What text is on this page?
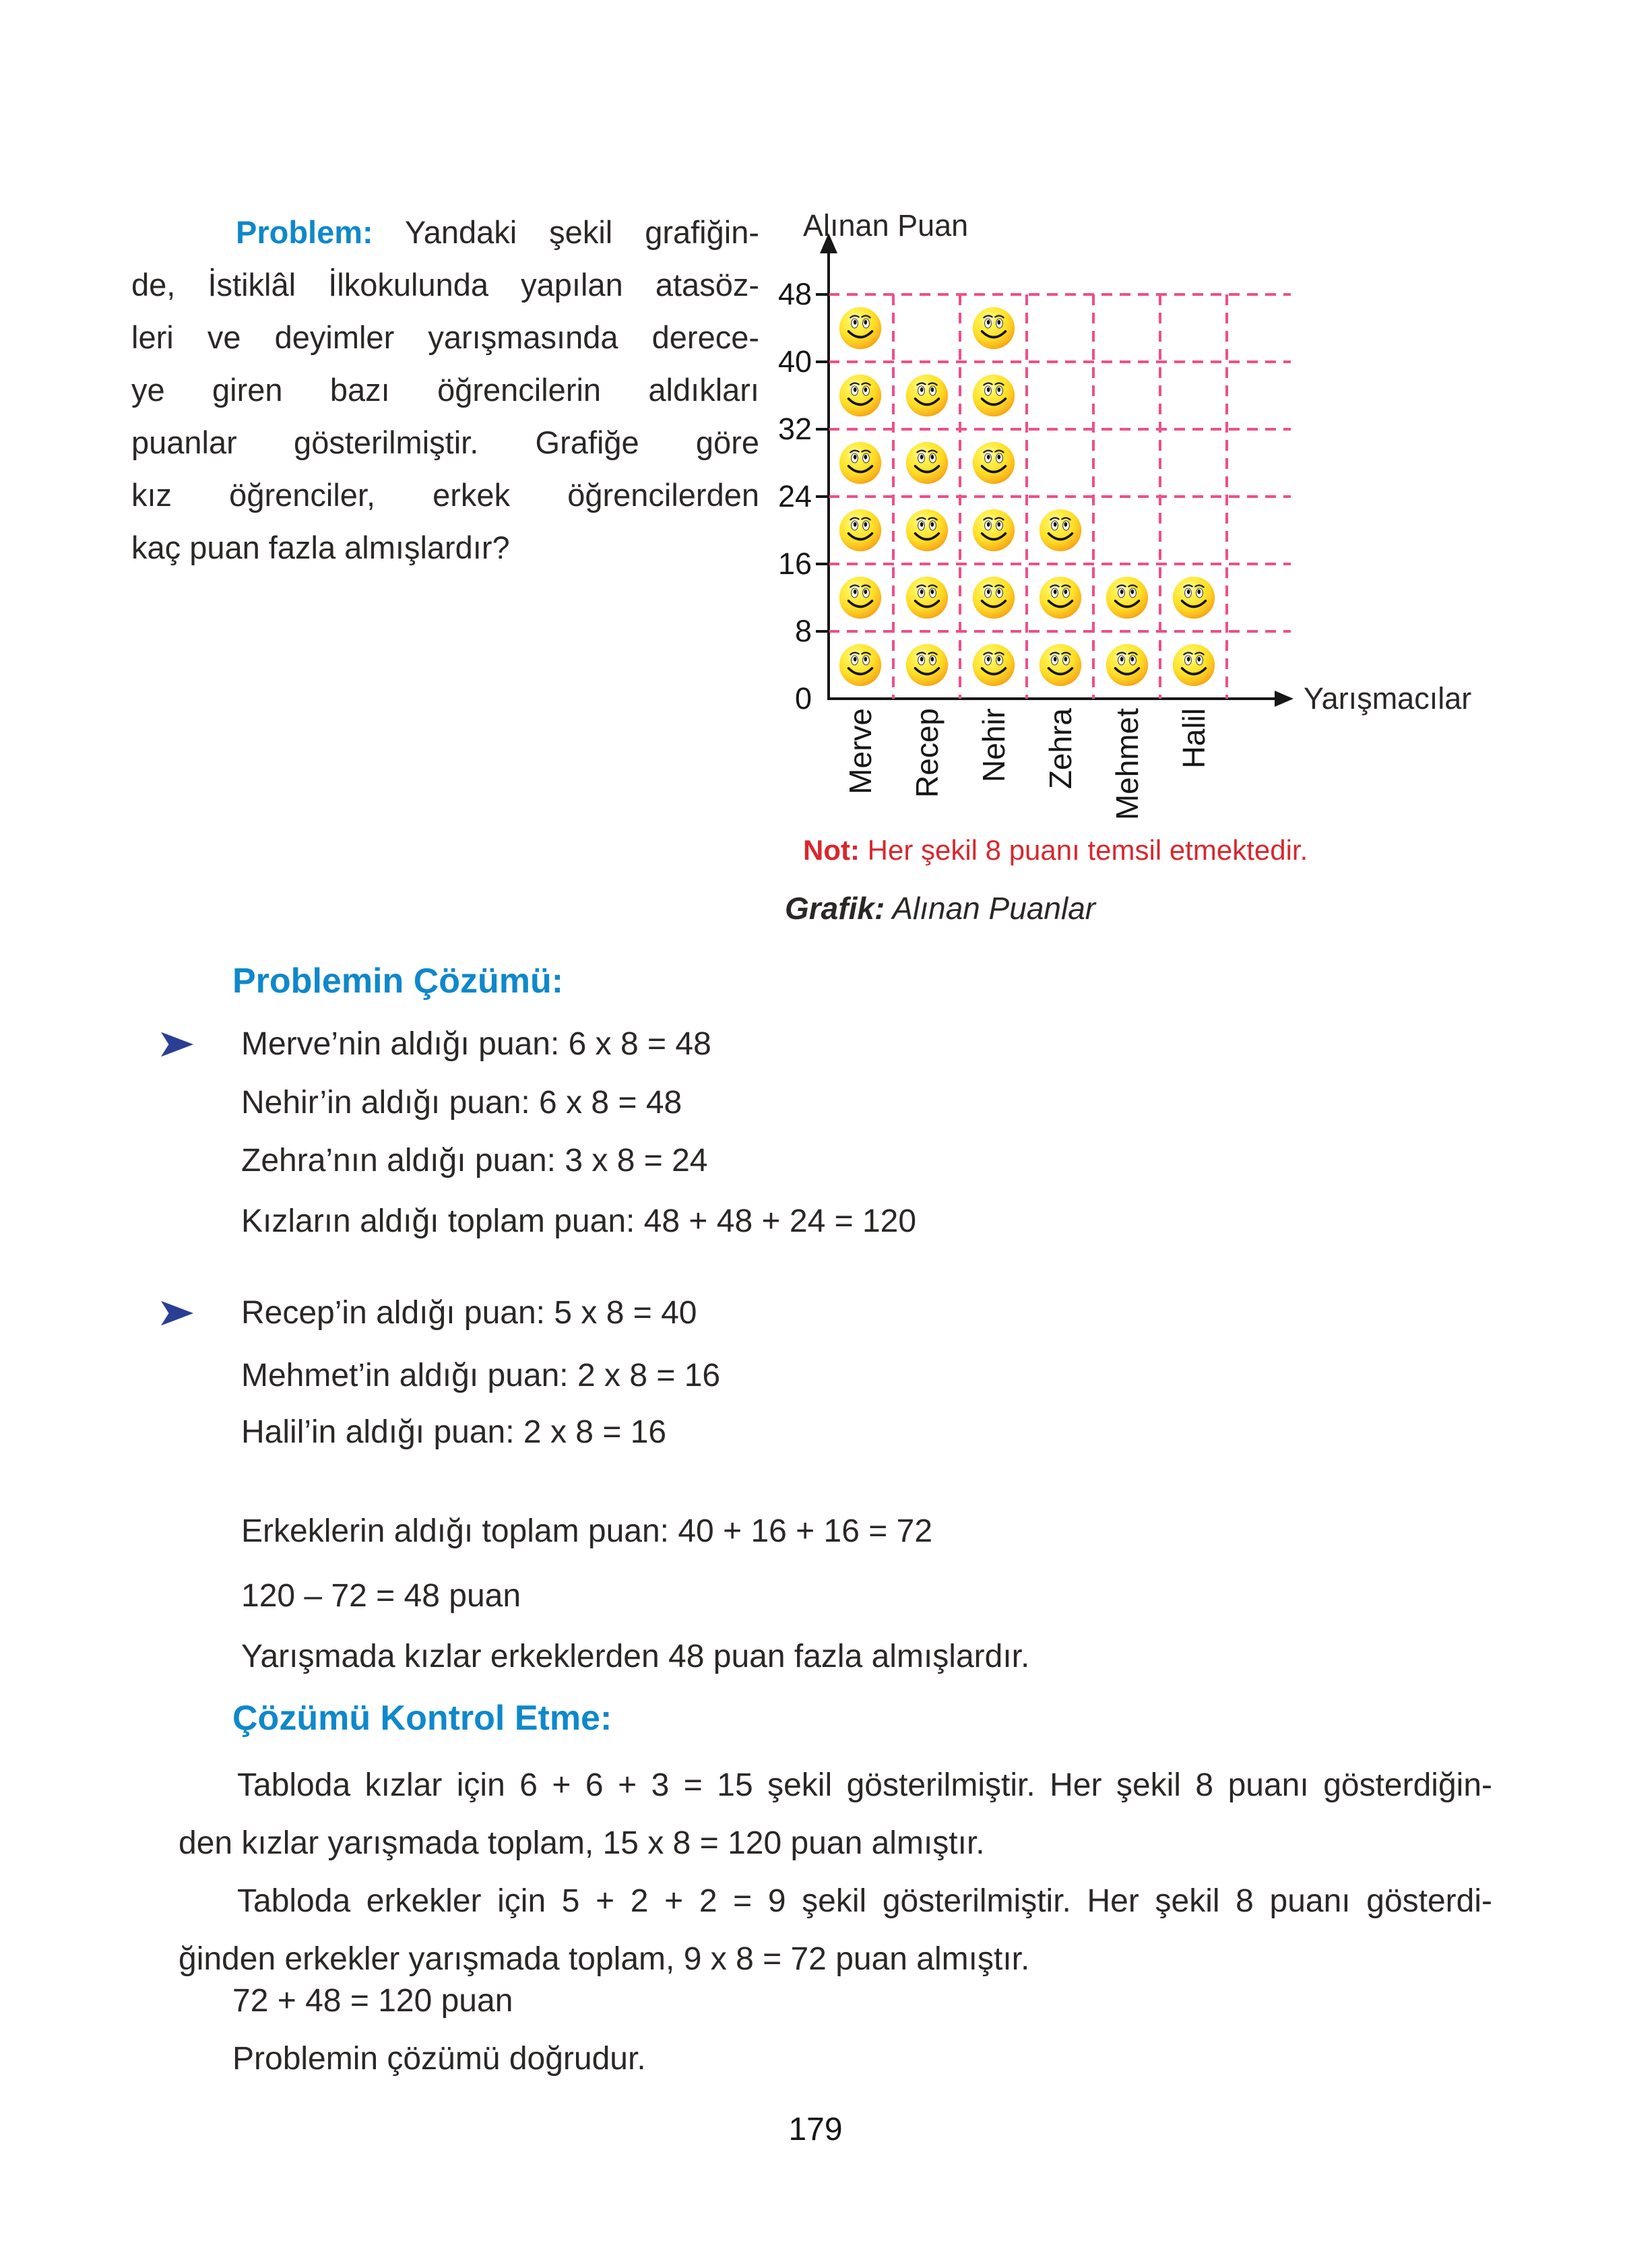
Problem: Yandaki şekil grafiğin-
de, İstiklâl İlkokulunda yapılan atasöz-
leri ve deyimler yarışmasında derece-
ye giren bazı öğrencilerin aldıkları
puanlar gösterilmiştir. Grafiğe göre
kız öğrenciler, erkek öğrencilerden
kaç puan fazla almışlardır?
Alınan Puan
0
8
16
24
32
40
48
Merve Recep Nehir Zehra Mehmet Halil
Yarışmacılar
Not: Her şekil 8 puanı temsil etmektedir.
Grafik: Alınan Puanlar
Problemin Çözümü:
Merve’nin aldığı puan: 6 x 8 = 48
Nehir’in aldığı puan: 6 x 8 = 48
Zehra’nın aldığı puan: 3 x 8 = 24
Kızların aldığı toplam puan: 48 + 48 + 24 = 120
Recep’in aldığı puan: 5 x 8 = 40
Mehmet’in aldığı puan: 2 x 8 = 16
Halil’in aldığı puan: 2 x 8 = 16
Erkeklerin aldığı toplam puan: 40 + 16 + 16 = 72
120 – 72 = 48 puan
Yarışmada kızlar erkeklerden 48 puan fazla almışlardır.
Çözümü Kontrol Etme:
Tabloda kızlar için 6 + 6 + 3 = 15 şekil gösterilmiştir. Her şekil 8 puanı gösterdiğin-
den kızlar yarışmada toplam, 15 x 8 = 120 puan almıştır.
Tabloda erkekler için 5 + 2 + 2 = 9 şekil gösterilmiştir. Her şekil 8 puanı gösterdi-
ğinden erkekler yarışmada toplam, 9 x 8 = 72 puan almıştır.
72 + 48 = 120 puan
Problemin çözümü doğrudur.
179
